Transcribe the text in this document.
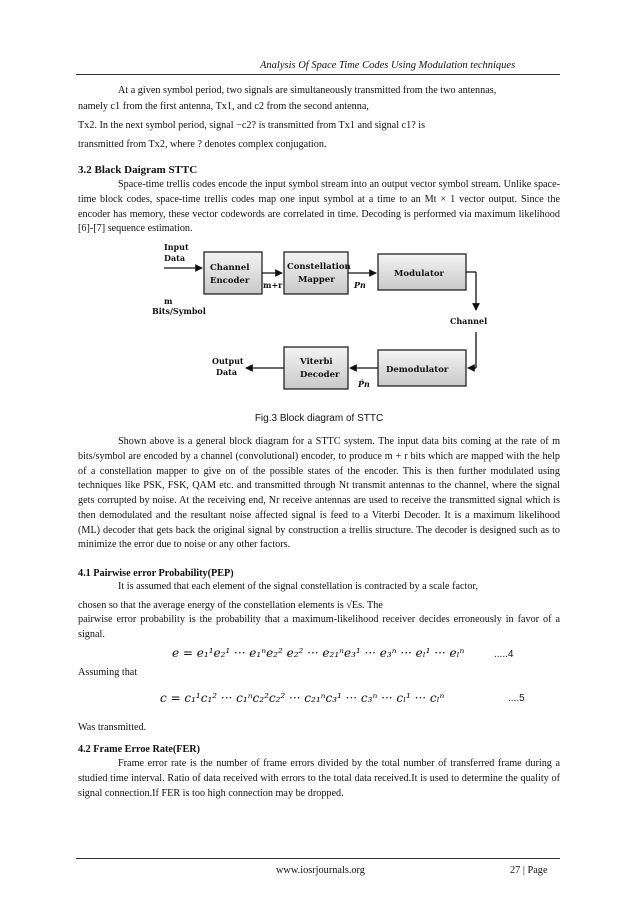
Analysis Of Space Time Codes Using Modulation techniques
At a given symbol period, two signals are simultaneously transmitted from the two antennas,
namely c1 from the first antenna, Tx1, and c2 from the second antenna,
Tx2. In the next symbol period, signal −c2? is transmitted from Tx1 and signal c1? is
transmitted from Tx2, where ? denotes complex conjugation.
3.2 Black Daigram STTC
Space-time trellis codes encode the input symbol stream into an output vector symbol stream. Unlike space-time block codes, space-time trellis codes map one input symbol at a time to an Mt × 1 vector output. Since the encoder has memory, these vector codewords are correlated in time. Decoding is performed via maximum likelihood [6]-[7] sequence estimation.
Input
Data
Channel
Encoder m+r
Constellation
Mapper Pn
Modulator
m
Bits/Symbol
Channel
Demodulator
P̂n
Viterbi
Decoder
Output
Data
Fig.3 Block diagram of STTC
Shown above is a general block diagram for a STTC system. The input data bits coming at the rate of m bits/symbol are encoded by a channel (convolutional) encoder, to produce m + r bits which are mapped with the help of a constellation mapper to give on of the possible states of the encoder. This is then further modulated using techniques like PSK, FSK, QAM etc. and transmitted through Nt transmit antennas to the channel, where the signal gets corrupted by noise. At the receiving end, Nr receive antennas are used to receive the transmitted signal which is then demodulated and the resultant noise affected signal is feed to a Viterbi Decoder. It is a maximum likelihood (ML) decoder that gets back the original signal by construction a trellis structure. The decoder is designed such as to minimize the error due to noise or any other factors.
4.1 Pairwise error Probability(PEP)
It is assumed that each element of the signal constellation is contracted by a scale factor,
chosen so that the average energy of the constellation elements is √Es. The
pairwise error probability is the probability that a maximum-likelihood receiver decides erroneously in favor of a signal.
e = e₁¹e₂¹ ··· e₁ⁿe₂² e₂² ··· e₂₁ⁿe₃¹ ··· e₃ⁿ ··· eₗ¹ ··· eₗⁿ	.....4
Assuming that
c = c₁¹c₁² ··· c₁ⁿc₂²c₂² ··· c₂₁ⁿc₃¹ ··· c₃ⁿ ··· cₗ¹ ··· cₗⁿ	....5
Was transmitted.
4.2 Frame Erroe Rate(FER)
Frame error rate is the number of frame errors divided by the total number of transferred frame during a studied time interval. Ratio of data received with errors to the total data received.It is used to determine the quality of signal connection.If FER is too high connection may be dropped.
www.iosrjournals.org	27 | Page
